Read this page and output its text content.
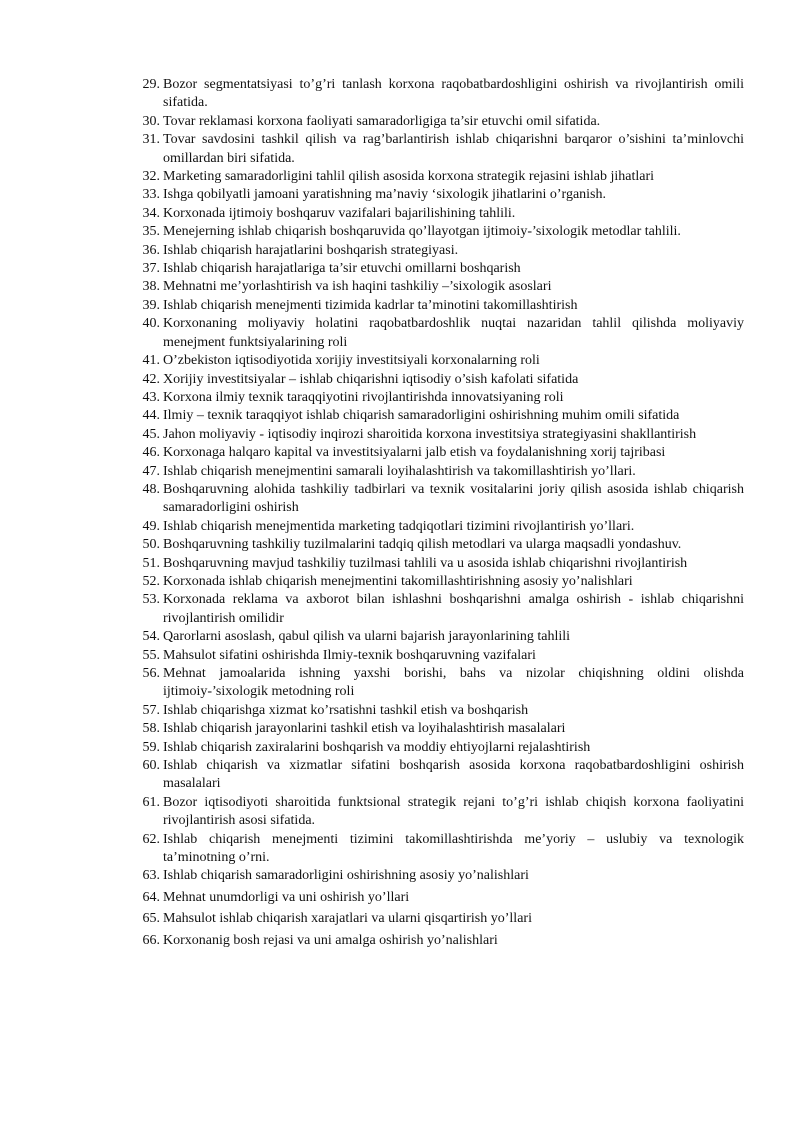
29. Bozor segmentatsiyasi to’g’ri tanlash korxona raqobatbardoshligini oshirish va rivojlantirish omili sifatida.
30. Tovar reklamasi korxona faoliyati samaradorligiga ta’sir etuvchi omil sifatida.
31. Tovar savdosini tashkil qilish va rag’barlantirish ishlab chiqarishni barqaror o’sishini ta’minlovchi omillardan biri sifatida.
32. Marketing samaradorligini tahlil qilish asosida korxona strategik rejasini ishlab jihatlari
33. Ishga qobilyatli jamoani yaratishning ma’naviy ‘sixologik jihatlarini o’rganish.
34. Korxonada ijtimoiy boshqaruv vazifalari bajarilishining tahlili.
35. Menejerning ishlab chiqarish boshqaruvida qo’llayotgan ijtimoiy-’sixologik metodlar tahlili.
36. Ishlab chiqarish harajatlarini boshqarish strategiyasi.
37. Ishlab chiqarish harajatlariga ta’sir etuvchi omillarni boshqarish
38. Mehnatni me’yorlashtirish va ish haqini tashkiliy –’sixologik asoslari
39. Ishlab chiqarish menejmenti tizimida kadrlar ta’minotini takomillashtirish
40. Korxonaning moliyaviy holatini raqobatbardoshlik nuqtai nazaridan tahlil qilishda moliyaviy menejment funktsiyalarining roli
41. O’zbekiston iqtisodiyotida xorijiy investitsiyali korxonalarning roli
42. Xorijiy investitsiyalar – ishlab chiqarishni iqtisodiy o’sish kafolati sifatida
43. Korxona ilmiy texnik taraqqiyotini rivojlantirishda innovatsiyaning roli
44. Ilmiy – texnik taraqqiyot ishlab chiqarish samaradorligini oshirishning muhim omili sifatida
45. Jahon moliyaviy - iqtisodiy inqirozi sharoitida korxona investitsiya strategiyasini shakllantirish
46. Korxonaga halqaro kapital va investitsiyalarni jalb etish va foydalanishning xorij tajribasi
47. Ishlab chiqarish menejmentini samarali loyihalashtirish va takomillashtirish yo’llari.
48. Boshqaruvning alohida tashkiliy tadbirlari va texnik vositalarini joriy qilish asosida ishlab chiqarish samaradorligini oshirish
49. Ishlab chiqarish menejmentida marketing tadqiqotlari tizimini rivojlantirish yo’llari.
50. Boshqaruvning tashkiliy tuzilmalarini tadqiq qilish metodlari va ularga maqsadli yondashuv.
51. Boshqaruvning mavjud tashkiliy tuzilmasi tahlili va u asosida ishlab chiqarishni rivojlantirish
52. Korxonada ishlab chiqarish menejmentini takomillashtirishning asosiy yo’nalishlari
53. Korxonada reklama va axborot bilan ishlashni boshqarishni amalga oshirish - ishlab chiqarishni rivojlantirish omilidir
54. Qarorlarni asoslash, qabul qilish va ularni bajarish jarayonlarining tahlili
55. Mahsulot sifatini oshirishda Ilmiy-texnik boshqaruvning vazifalari
56. Mehnat jamoalarida ishning yaxshi borishi, bahs va nizolar chiqishning oldini olishda ijtimoiy-’sixologik metodning roli
57. Ishlab chiqarishga xizmat ko’rsatishni tashkil etish va boshqarish
58. Ishlab chiqarish jarayonlarini tashkil etish va loyihalashtirish masalalari
59. Ishlab chiqarish zaxiralarini boshqarish va moddiy ehtiyojlarni rejalashtirish
60. Ishlab chiqarish va xizmatlar sifatini boshqarish asosida korxona raqobatbardoshligini oshirish masalalari
61. Bozor iqtisodiyoti sharoitida funktsional strategik rejani to’g’ri ishlab chiqish korxona faoliyatini rivojlantirish asosi sifatida.
62. Ishlab chiqarish menejmenti tizimini takomillashtirishda me’yoriy – uslubiy va texnologik ta’minotning o’rni.
63. Ishlab chiqarish samaradorligini oshirishning asosiy yo’nalishlari
64. Mehnat unumdorligi va uni oshirish yo’llari
65. Mahsulot ishlab chiqarish xarajatlari va ularni qisqartirish yo’llari
66. Korxonanig bosh rejasi va uni amalga oshirish yo’nalishlari
